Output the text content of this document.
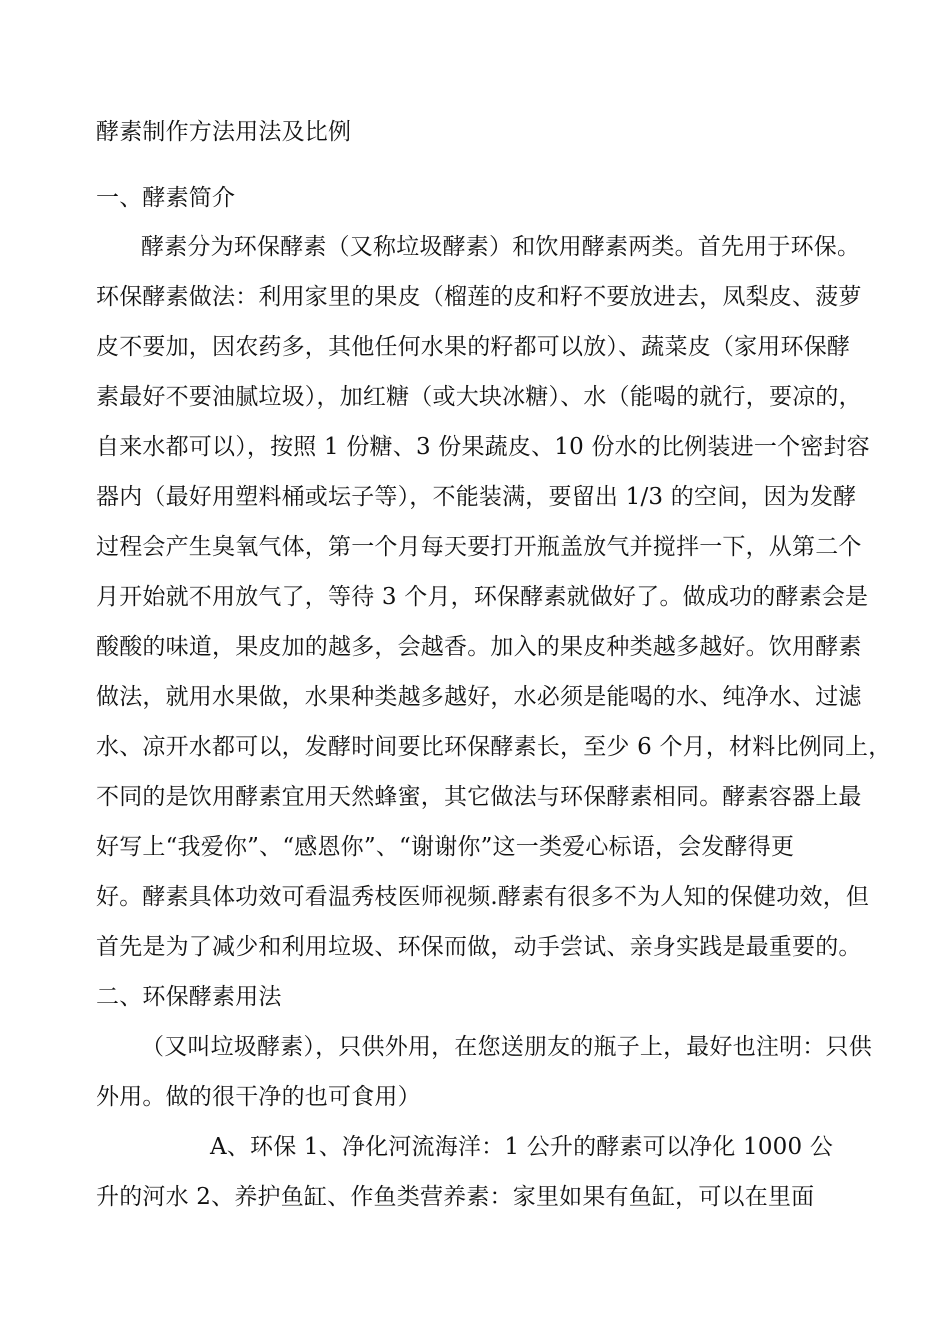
酵素制作方法用法及比例
一、酵素简介
酵素分为环保酵素（又称垃圾酵素）和饮用酵素两类。首先用于环保。
环保酵素做法：利用家里的果皮（榴莲的皮和籽不要放进去，凤梨皮、菠萝
皮不要加，因农药多，其他任何水果的籽都可以放）、蔬菜皮（家用环保酵
素最好不要油腻垃圾），加红糖（或大块冰糖）、水（能喝的就行，要凉的，
自来水都可以），按照 1 份糖、3 份果蔬皮、10 份水的比例装进一个密封容
器内（最好用塑料桶或坛子等），不能装满，要留出 1/3 的空间，因为发酵
过程会产生臭氧气体，第一个月每天要打开瓶盖放气并搅拌一下，从第二个
月开始就不用放气了，等待 3 个月，环保酵素就做好了。做成功的酵素会是
酸酸的味道，果皮加的越多，会越香。加入的果皮种类越多越好。饮用酵素
做法，就用水果做，水果种类越多越好，水必须是能喝的水、纯净水、过滤
水、凉开水都可以，发酵时间要比环保酵素长，至少 6 个月，材料比例同上，
不同的是饮用酵素宜用天然蜂蜜，其它做法与环保酵素相同。酵素容器上最
好写上“我爱你”、“感恩你”、“谢谢你”这一类爱心标语，会发酵得更
好。酵素具体功效可看温秀枝医师视频.酵素有很多不为人知的保健功效，但
首先是为了减少和利用垃圾、环保而做，动手尝试、亲身实践是最重要的。
二、环保酵素用法
（又叫垃圾酵素），只供外用，在您送朋友的瓶子上，最好也注明：只供
外用。做的很干净的也可食用）
A、环保 1、净化河流海洋：1 公升的酵素可以净化 1000 公
升的河水 2、养护鱼缸、作鱼类营养素：家里如果有鱼缸，可以在里面
